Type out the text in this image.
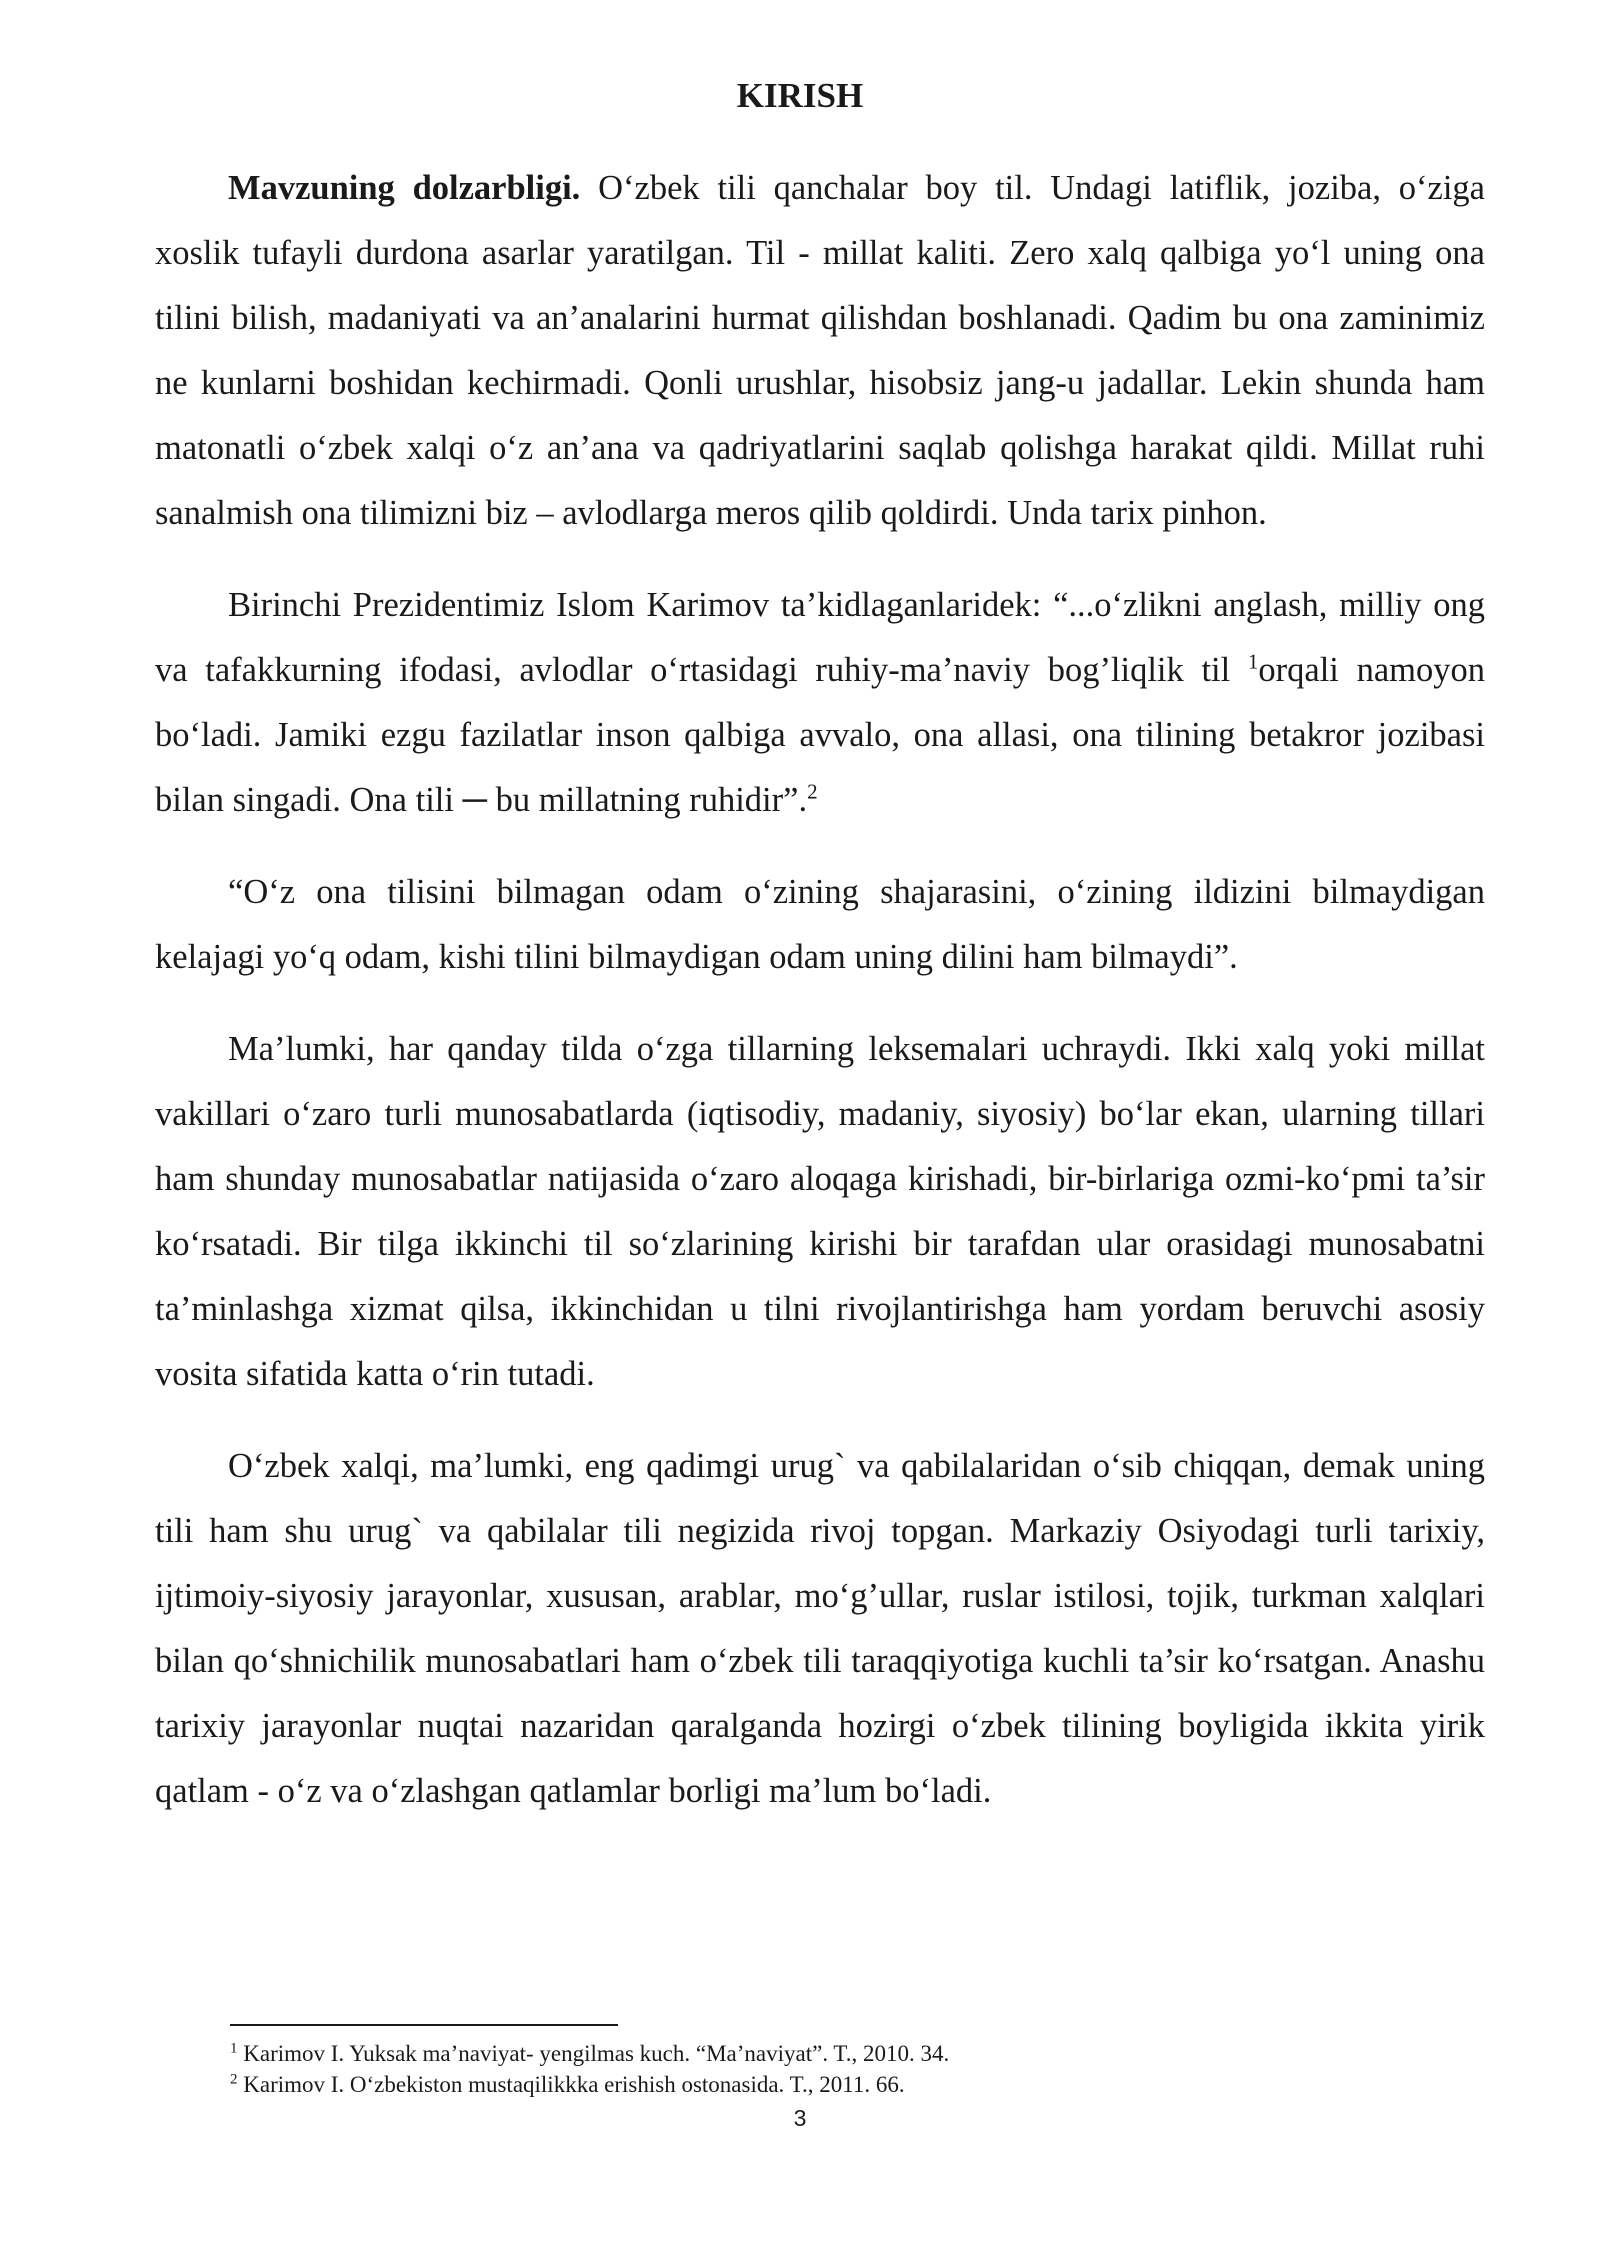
KIRISH

Mavzuning dolzarbligi. O‘zbek tili qanchalar boy til. Undagi latiflik, joziba, o‘ziga xoslik tufayli durdona asarlar yaratilgan. Til - millat kaliti. Zero xalq qalbiga yo‘l uning ona tilini bilish, madaniyati va an’analarini hurmat qilishdan boshlanadi. Qadim bu ona zaminimiz ne kunlarni boshidan kechirmadi. Qonli urushlar, hisobsiz jang-u jadallar. Lekin shunda ham matonatli o‘zbek xalqi o‘z an’ana va qadriyatlarini saqlab qolishga harakat qildi. Millat ruhi sanalmish ona tilimizni biz – avlodlarga meros qilib qoldirdi. Unda tarix pinhon.

Birinchi Prezidentimiz Islom Karimov ta’kidlaganlaridek: “...o‘zlikni anglash, milliy ong va tafakkurning ifodasi, avlodlar o‘rtasidagi ruhiy-ma’naviy bog’liqlik til $^1$orqali namoyon bo‘ladi. Jamiki ezgu fazilatlar inson qalbiga avvalo, ona allasi, ona tilining betakror jozibasi bilan singadi. Ona tili ─ bu millatning ruhidir”.$^2$

“O‘z ona tilisini bilmagan odam o‘zining shajarasini, o‘zining ildizini bilmaydigan kelajagi yo‘q odam, kishi tilini bilmaydigan odam uning dilini ham bilmaydi”.

Ma’lumki, har qanday tilda o‘zga tillarning leksemalari uchraydi. Ikki xalq yoki millat vakillari o‘zaro turli munosabatlarda (iqtisodiy, madaniy, siyosiy) bo‘lar ekan, ularning tillari ham shunday munosabatlar natijasida o‘zaro aloqaga kirishadi, bir-birlariga ozmi-ko‘pmi ta’sir ko‘rsatadi. Bir tilga ikkinchi til so‘zlarining kirishi bir tarafdan ular orasidagi munosabatni ta’minlashga xizmat qilsa, ikkinchidan u tilni rivojlantirishga ham yordam beruvchi asosiy vosita sifatida katta o‘rin tutadi.

O‘zbek xalqi, ma’lumki, eng qadimgi urug` va qabilalaridan o‘sib chiqqan, demak uning tili ham shu urug` va qabilalar tili negizida rivoj topgan. Markaziy Osiyodagi turli tarixiy, ijtimoiy-siyosiy jarayonlar, xususan, arablar, mo‘g’ullar, ruslar istilosi, tojik, turkman xalqlari bilan qo‘shnichilik munosabatlari ham o‘zbek tili taraqqiyotiga kuchli ta’sir ko‘rsatgan. Anashu tarixiy jarayonlar nuqtai nazaridan qaralganda hozirgi o‘zbek tilining boyligida ikkita yirik qatlam - o‘z va o‘zlashgan qatlamlar borligi ma’lum bo‘ladi.

$^1$ Karimov I. Yuksak ma’naviyat- yengilmas kuch. “Ma’naviyat”. T., 2010. 34.
$^2$ Karimov I. O‘zbekiston mustaqilikkka erishish ostonasida. T., 2011. 66.
3
